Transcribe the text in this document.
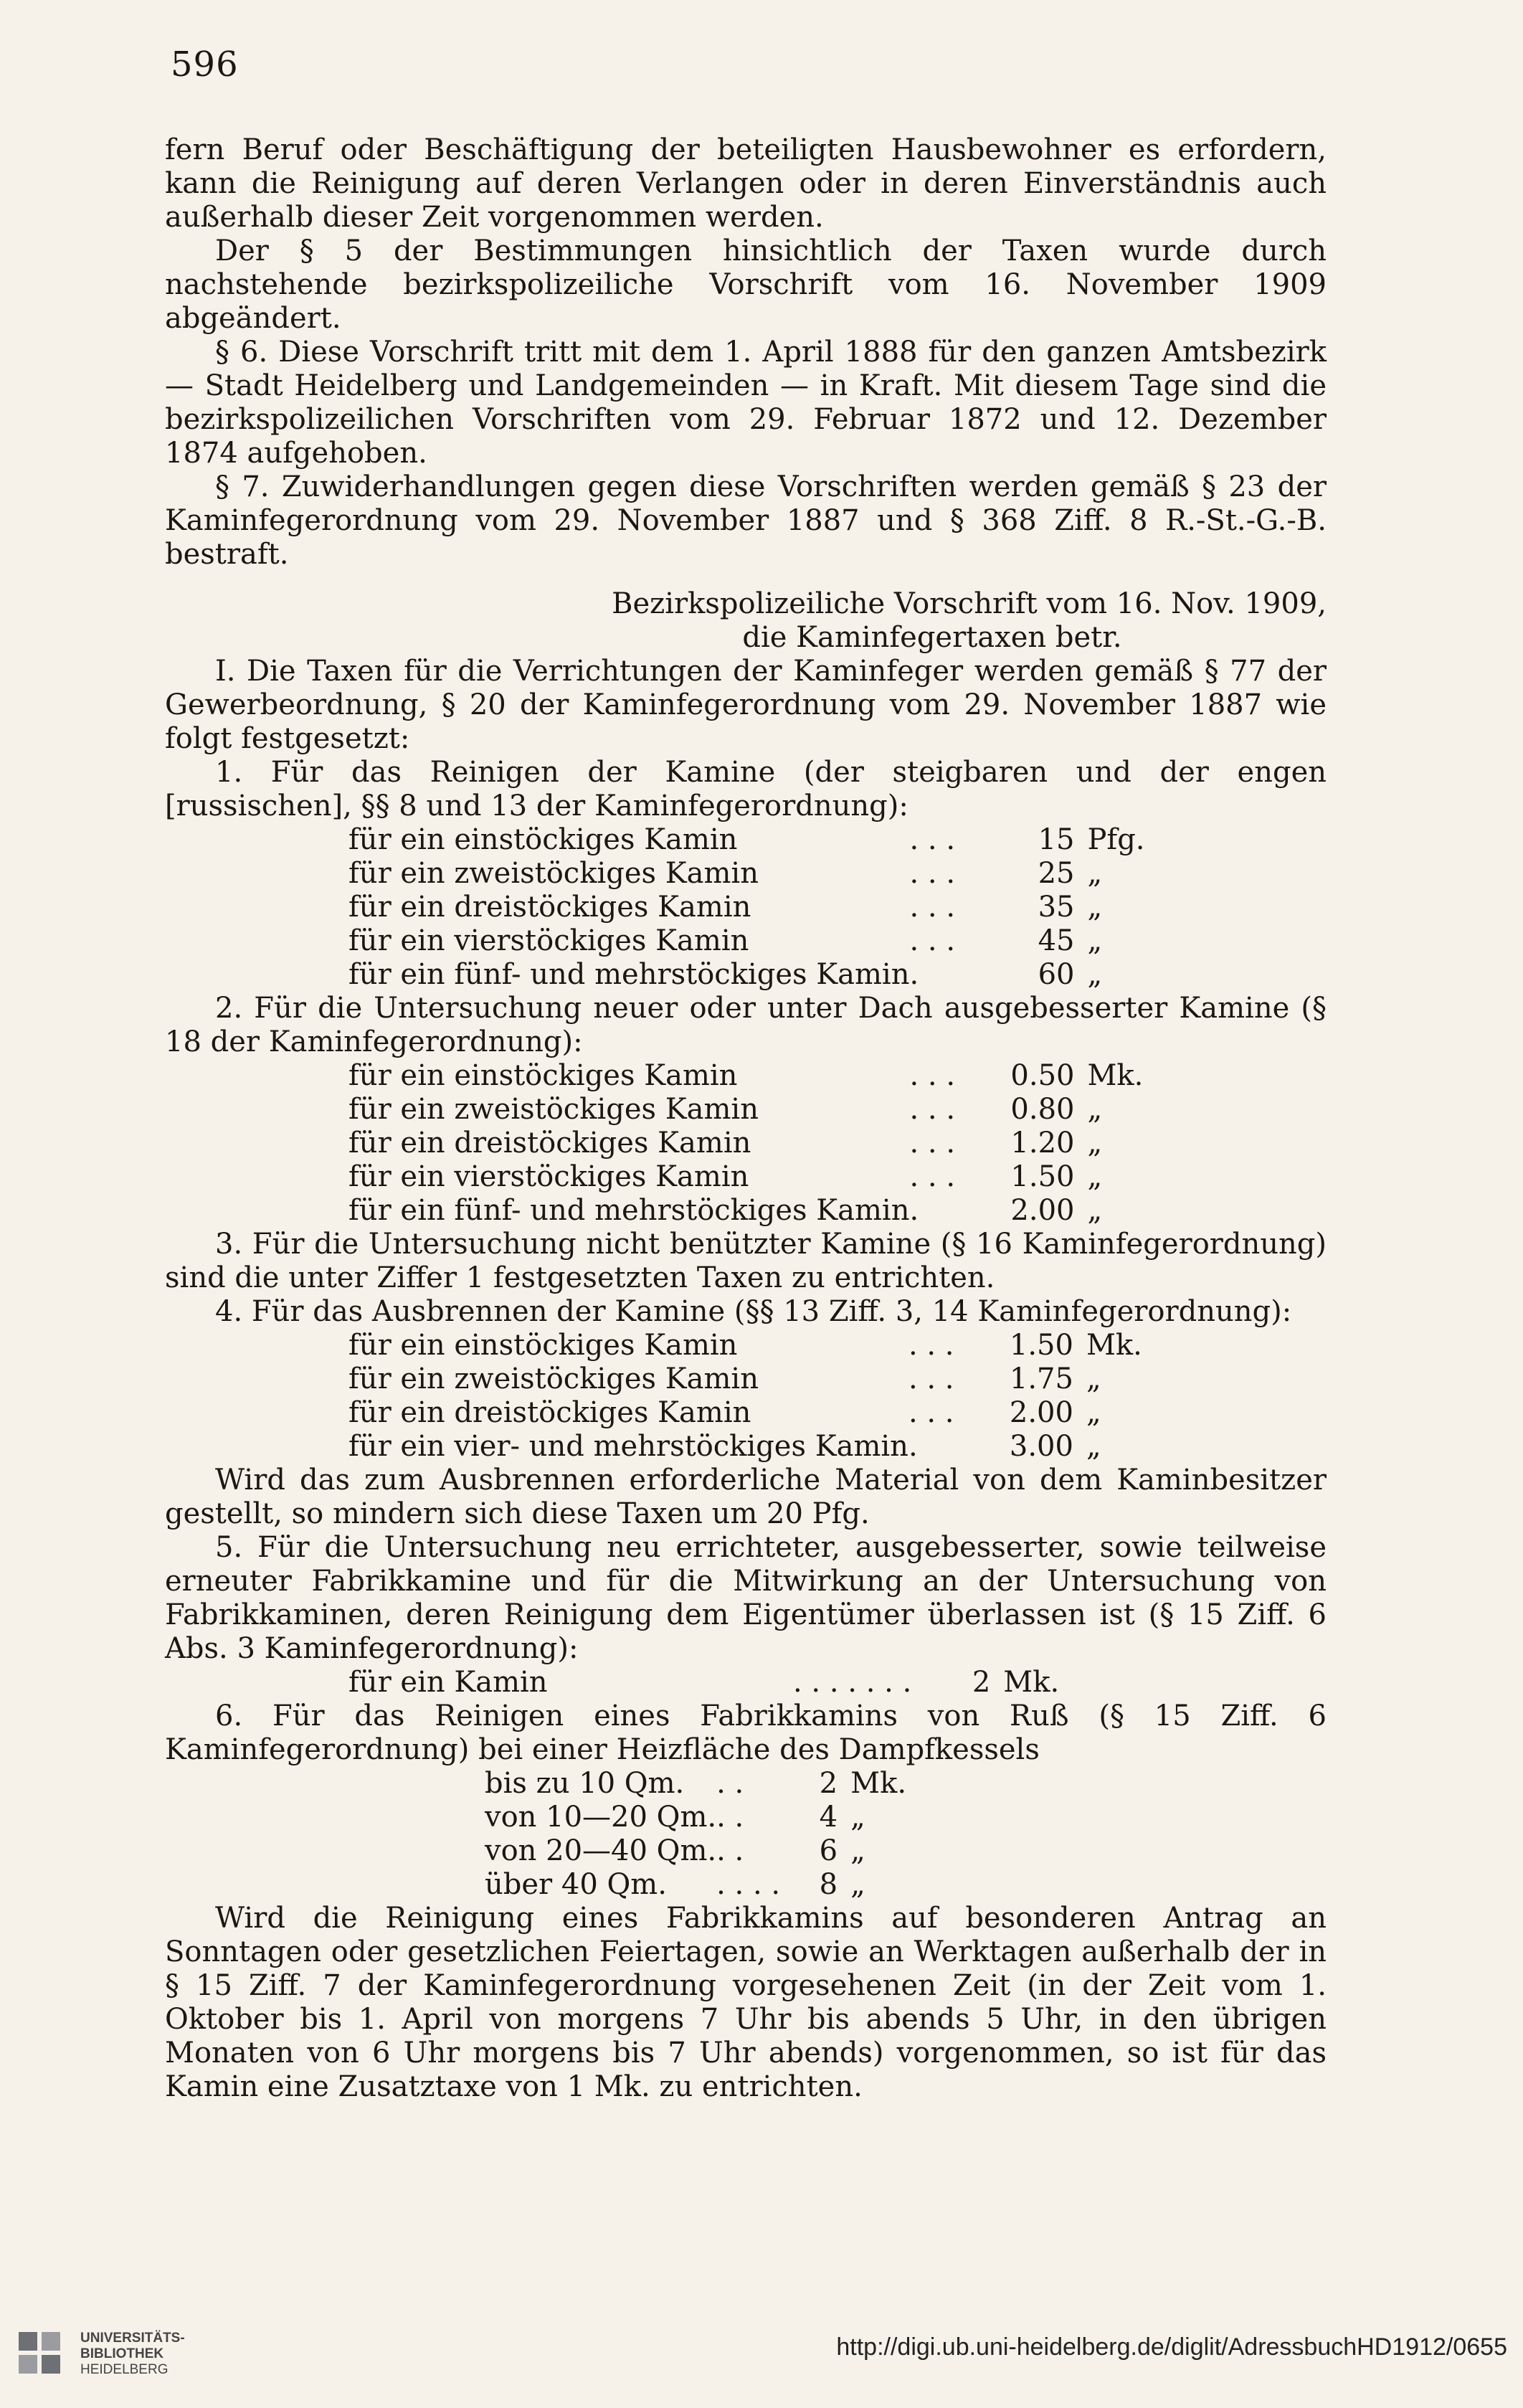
596

fern Beruf oder Beschäftigung der beteiligten Hausbewohner es erfordern, kann die Reinigung auf deren Verlangen oder in deren Einverständnis auch außerhalb dieser Zeit vorgenommen werden.

Der § 5 der Bestimmungen hinsichtlich der Taxen wurde durch nachstehende bezirkspolizeiliche Vorschrift vom 16. November 1909 abgeändert.

§ 6. Diese Vorschrift tritt mit dem 1. April 1888 für den ganzen Amtsbezirk — Stadt Heidelberg und Landgemeinden — in Kraft. Mit diesem Tage sind die bezirkspolizeilichen Vorschriften vom 29. Februar 1872 und 12. Dezember 1874 aufgehoben.

§ 7. Zuwiderhandlungen gegen diese Vorschriften werden gemäß § 23 der Kaminfegerordnung vom 29. November 1887 und § 368 Ziff. 8 R.-St.-G.-B. bestraft.

Bezirkspolizeiliche Vorschrift vom 16. Nov. 1909,

die Kaminfegertaxen betr.

I. Die Taxen für die Verrichtungen der Kaminfeger werden gemäß § 77 der Gewerbeordnung, § 20 der Kaminfegerordnung vom 29. November 1887 wie folgt festgesetzt:

1. Für das Reinigen der Kamine (der steigbaren und der engen [russischen], §§ 8 und 13 der Kaminfegerordnung):

für ein einstöckiges Kamin	. . .	15	Pfg.
für ein zweistöckiges Kamin	. . .	25	„
für ein dreistöckiges Kamin	. . .	35	„
für ein vierstöckiges Kamin	. . .	45	„
für ein fünf- und mehrstöckiges Kamin	.	60	„

2. Für die Untersuchung neuer oder unter Dach ausgebesserter Kamine (§ 18 der Kaminfegerordnung):

für ein einstöckiges Kamin	. . .	0.50	Mk.
für ein zweistöckiges Kamin	. . .	0.80	„
für ein dreistöckiges Kamin	. . .	1.20	„
für ein vierstöckiges Kamin	. . .	1.50	„
für ein fünf- und mehrstöckiges Kamin	.	2.00	„

3. Für die Untersuchung nicht benützter Kamine (§ 16 Kaminfegerordnung) sind die unter Ziffer 1 festgesetzten Taxen zu entrichten.

4. Für das Ausbrennen der Kamine (§§ 13 Ziff. 3, 14 Kaminfegerordnung):

für ein einstöckiges Kamin	. . .	1.50	Mk.
für ein zweistöckiges Kamin	. . .	1.75	„
für ein dreistöckiges Kamin	. . .	2.00	„
für ein vier- und mehrstöckiges Kamin	.	3.00	„

Wird das zum Ausbrennen erforderliche Material von dem Kaminbesitzer gestellt, so mindern sich diese Taxen um 20 Pfg.

5. Für die Untersuchung neu errichteter, ausgebesserter, sowie teilweise erneuter Fabrikkamine und für die Mitwirkung an der Untersuchung von Fabrikkaminen, deren Reinigung dem Eigentümer überlassen ist (§ 15 Ziff. 6 Abs. 3 Kaminfegerordnung):

für ein Kamin	. . . . . . .	2	Mk.

6. Für das Reinigen eines Fabrikkamins von Ruß (§ 15 Ziff. 6 Kaminfegerordnung) bei einer Heizfläche des Dampfkessels

bis zu 10 Qm.	. .	2	Mk.
von 10—20 Qm.	. .	4	„
von 20—40 Qm.	. .	6	„
über 40 Qm.	. . . .	8	„

Wird die Reinigung eines Fabrikkamins auf besonderen Antrag an Sonntagen oder gesetzlichen Feiertagen, sowie an Werktagen außerhalb der in § 15 Ziff. 7 der Kaminfegerordnung vorgesehenen Zeit (in der Zeit vom 1. Oktober bis 1. April von morgens 7 Uhr bis abends 5 Uhr, in den übrigen Monaten von 6 Uhr morgens bis 7 Uhr abends) vorgenommen, so ist für das Kamin eine Zusatztaxe von 1 Mk. zu entrichten.

UNIVERSITÄTS-
BIBLIOTHEK
HEIDELBERG
http://digi.ub.uni-heidelberg.de/diglit/AdressbuchHD1912/0655
